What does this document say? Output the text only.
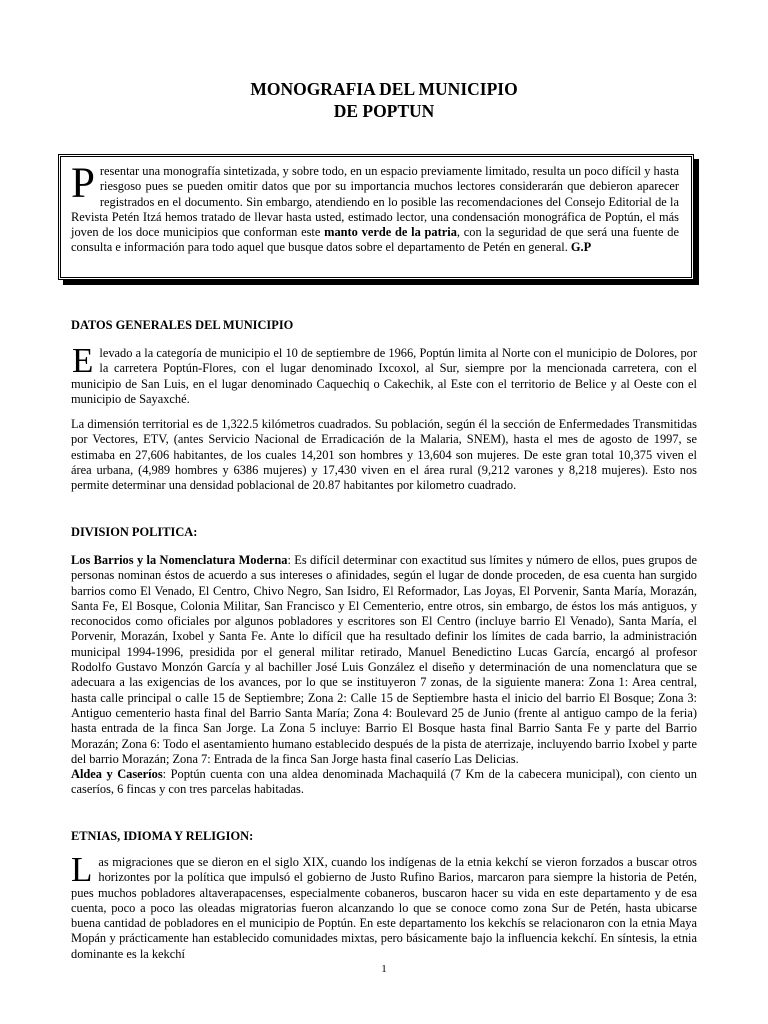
MONOGRAFIA DEL MUNICIPIO
DE POPTUN

Presentar una monografía sintetizada, y sobre todo, en un espacio previamente limitado, resulta un poco difícil y hasta riesgoso pues se pueden omitir datos que por su importancia muchos lectores considerarán que debieron aparecer registrados en el documento. Sin embargo, atendiendo en lo posible las recomendaciones del Consejo Editorial de la Revista Petén Itzá hemos tratado de llevar hasta usted, estimado lector, una condensación monográfica de Poptún, el más joven de los doce municipios que conforman este manto verde de la patria, con la seguridad de que será una fuente de consulta e información para todo aquel que busque datos sobre el departamento de Petén en general. G.P

DATOS GENERALES DEL MUNICIPIO

Elevado a la categoría de municipio el 10 de septiembre de 1966, Poptún limita al Norte con el municipio de Dolores, por la carretera Poptún-Flores, con el lugar denominado Ixcoxol, al Sur, siempre por la mencionada carretera, con el municipio de San Luis, en el lugar denominado Caquechiq o Cakechik, al Este con el territorio de Belice y al Oeste con el municipio de Sayaxché.

La dimensión territorial es de 1,322.5 kilómetros cuadrados. Su población, según él la sección de Enfermedades Transmitidas por Vectores, ETV, (antes Servicio Nacional de Erradicación de la Malaria, SNEM), hasta el mes de agosto de 1997, se estimaba en 27,606 habitantes, de los cuales 14,201 son hombres y 13,604 son mujeres. De este gran total 10,375 viven el área urbana, (4,989 hombres y 6386 mujeres) y 17,430 viven en el área rural (9,212 varones y 8,218 mujeres). Esto nos permite determinar una densidad poblacional de 20.87 habitantes por kilometro cuadrado.

DIVISION POLITICA:

Los Barrios y la Nomenclatura Moderna: Es difícil determinar con exactitud sus límites y número de ellos, pues grupos de personas nominan éstos de acuerdo a sus intereses o afinidades, según el lugar de donde proceden, de esa cuenta han surgido barrios como El Venado, El Centro, Chivo Negro, San Isidro, El Reformador, Las Joyas, El Porvenir, Santa María, Morazán, Santa Fe, El Bosque, Colonia Militar, San Francisco y El Cementerio, entre otros, sin embargo, de éstos los más antiguos, y reconocidos como oficiales por algunos pobladores y escritores son El Centro (incluye barrio El Venado), Santa María, el Porvenir, Morazán, Ixobel y Santa Fe. Ante lo difícil que ha resultado definir los límites de cada barrio, la administración municipal 1994-1996, presidida por el general militar retirado, Manuel Benedictino Lucas García, encargó al profesor Rodolfo Gustavo Monzón García y al bachiller José Luis González el diseño y determinación de una nomenclatura que se adecuara a las exigencias de los avances, por lo que se instituyeron 7 zonas, de la siguiente manera: Zona 1: Area central, hasta calle principal o calle 15 de Septiembre; Zona 2: Calle 15 de Septiembre hasta el inicio del barrio El Bosque; Zona 3: Antiguo cementerio hasta final del Barrio Santa María; Zona 4: Boulevard 25 de Junio (frente al antiguo campo de la feria) hasta entrada de la finca San Jorge. La Zona 5 incluye: Barrio El Bosque hasta final Barrio Santa Fe y parte del Barrio Morazán; Zona 6: Todo el asentamiento humano establecido después de la pista de aterrizaje, incluyendo barrio Ixobel y parte del barrio Morazán; Zona 7: Entrada de la finca San Jorge hasta final caserío Las Delicias.

Aldea y Caseríos: Poptún cuenta con una aldea denominada Machaquilá (7 Km de la cabecera municipal), con ciento un caseríos, 6 fincas y con tres parcelas habitadas.

ETNIAS, IDIOMA Y RELIGION:

Las migraciones que se dieron en el siglo XIX, cuando los indígenas de la etnia kekchí se vieron forzados a buscar otros horizontes por la política que impulsó el gobierno de Justo Rufino Barios, marcaron para siempre la historia de Petén, pues muchos pobladores altaverapacenses, especialmente cobaneros, buscaron hacer su vida en este departamento y de esa cuenta, poco a poco las oleadas migratorias fueron alcanzando lo que se conoce como zona Sur de Petén, hasta ubicarse buena cantidad de pobladores en el municipio de Poptún. En este departamento los kekchís se relacionaron con la etnia Maya Mopán y prácticamente han establecido comunidades mixtas, pero básicamente bajo la influencia kekchí. En síntesis, la etnia dominante es la kekchí

1
